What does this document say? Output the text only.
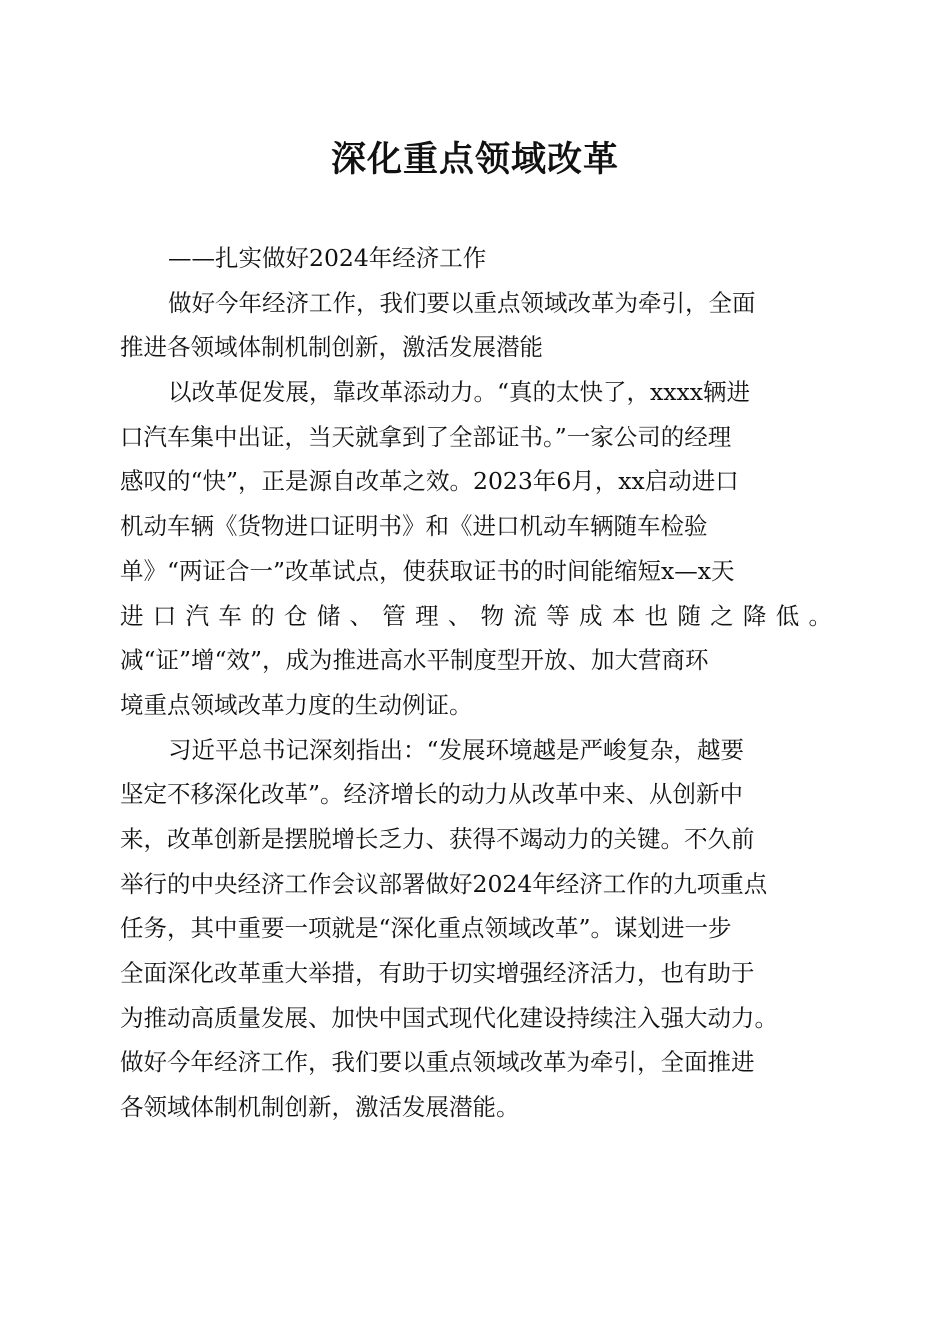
深化重点领域改革

——扎实做好2024年经济工作

做好今年经济工作，我们要以重点领域改革为牵引，全面

推进各领域体制机制创新，激活发展潜能

以改革促发展，靠改革添动力。“真的太快了，xxxx辆进

口汽车集中出证，当天就拿到了全部证书。”一家公司的经理

感叹的“快”，正是源自改革之效。2023年6月，xx启动进口

机动车辆《货物进口证明书》和《进口机动车辆随车检验

单》“两证合一”改革试点，使获取证书的时间能缩短x—x天

进口汽车的仓储、管理、物流等成本也随之降低。

减“证”增“效”，成为推进高水平制度型开放、加大营商环

境重点领域改革力度的生动例证。

习近平总书记深刻指出：“发展环境越是严峻复杂，越要

坚定不移深化改革”。经济增长的动力从改革中来、从创新中

来，改革创新是摆脱增长乏力、获得不竭动力的关键。不久前

举行的中央经济工作会议部署做好2024年经济工作的九项重点

任务，其中重要一项就是“深化重点领域改革”。谋划进一步

全面深化改革重大举措，有助于切实增强经济活力，也有助于

为推动高质量发展、加快中国式现代化建设持续注入强大动力。

做好今年经济工作，我们要以重点领域改革为牵引，全面推进

各领域体制机制创新，激活发展潜能。
